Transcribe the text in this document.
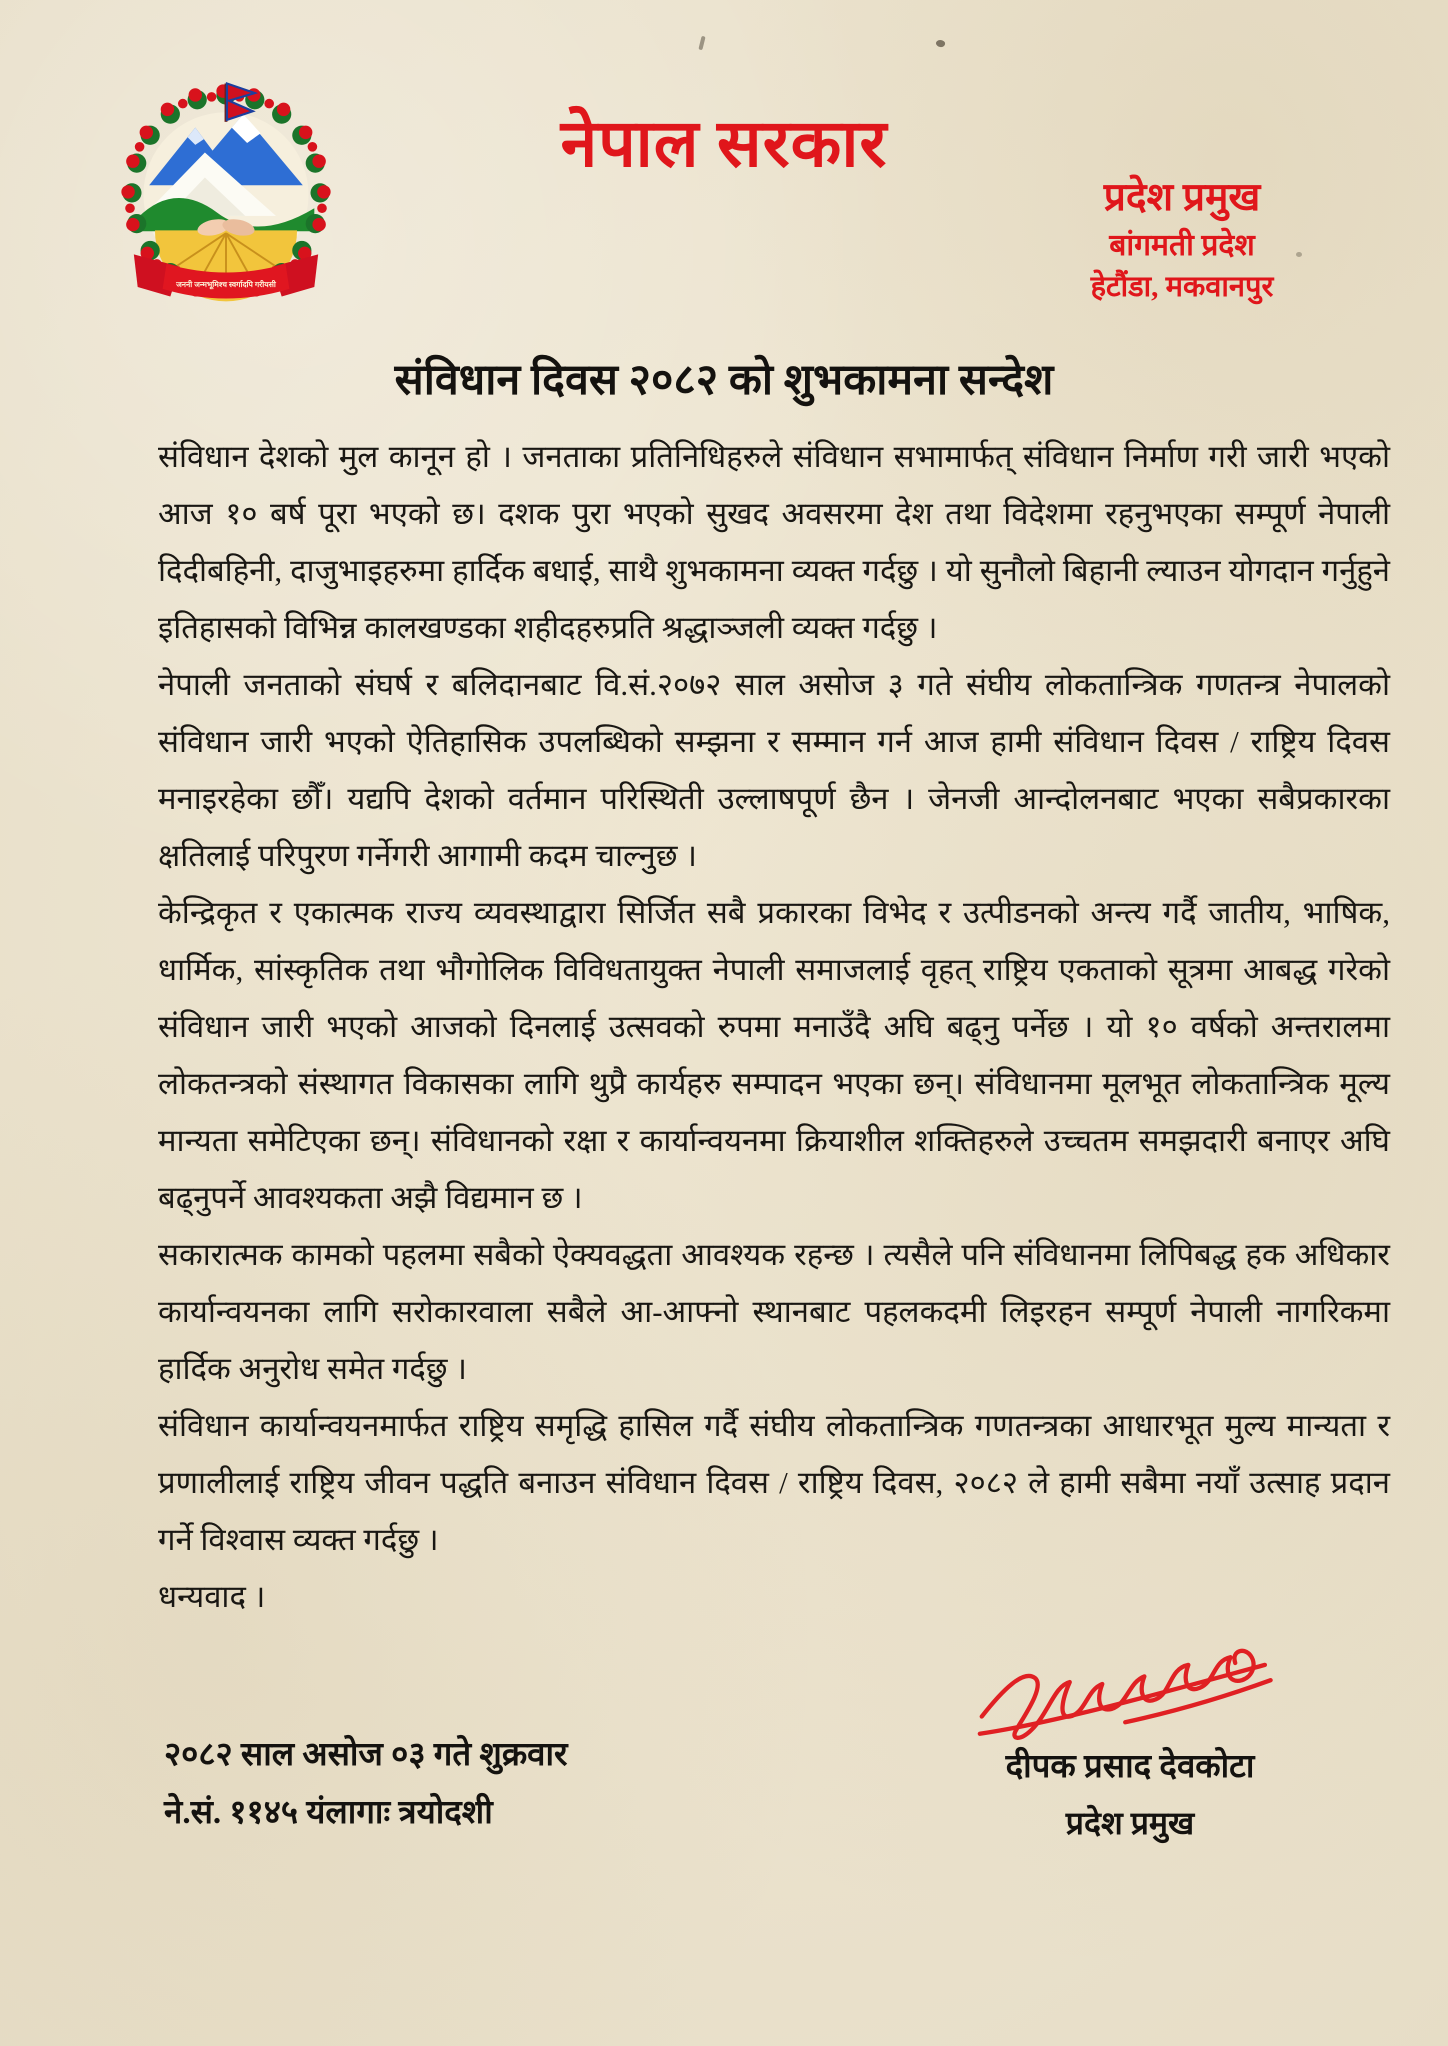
जननी जन्मभूमिश्च स्वर्गादपि गरीयसी
नेपाल सरकार
प्रदेश प्रमुख
बांगमती प्रदेश
हेटौंडा, मकवानपुर
संविधान दिवस २०८२ को शुभकामना सन्देश

संविधान देशको मुल कानून हो । जनताका प्रतिनिधिहरुले संविधान सभामार्फत् संविधान निर्माण गरी जारी भएको आज १० बर्ष पूरा भएको छ। दशक पुरा भएको सुखद अवसरमा देश तथा विदेशमा रहनुभएका सम्पूर्ण नेपाली दिदीबहिनी, दाजुभाइहरुमा हार्दिक बधाई, साथै शुभकामना व्यक्त गर्दछु । यो सुनौलो बिहानी ल्याउन योगदान गर्नुहुने इतिहासको विभिन्न कालखण्डका शहीदहरुप्रति श्रद्धाञ्जली व्यक्त गर्दछु ।

नेपाली जनताको संघर्ष र बलिदानबाट वि.सं.२०७२ साल असोज ३ गते संघीय लोकतान्त्रिक गणतन्त्र नेपालको संविधान जारी भएको ऐतिहासिक उपलब्धिको सम्झना र सम्मान गर्न आज हामी संविधान दिवस / राष्ट्रिय दिवस मनाइरहेका छौँ। यद्यपि देशको वर्तमान परिस्थिती उल्लाषपूर्ण छैन । जेनजी आन्दोलनबाट भएका सबैप्रकारका क्षतिलाई परिपुरण गर्नेगरी आगामी कदम चाल्नुछ ।

केन्द्रिकृत र एकात्मक राज्य व्यवस्थाद्वारा सिर्जित सबै प्रकारका विभेद र उत्पीडनको अन्त्य गर्दै जातीय, भाषिक, धार्मिक, सांस्कृतिक तथा भौगोलिक विविधतायुक्त नेपाली समाजलाई वृहत् राष्ट्रिय एकताको सूत्रमा आबद्ध गरेको संविधान जारी भएको आजको दिनलाई उत्सवको रुपमा मनाउँदै अघि बढ्नु पर्नेछ । यो १० वर्षको अन्तरालमा लोकतन्त्रको संस्थागत विकासका लागि थुप्रै कार्यहरु सम्पादन भएका छन्। संविधानमा मूलभूत लोकतान्त्रिक मूल्य मान्यता समेटिएका छन्। संविधानको रक्षा र कार्यान्वयनमा क्रियाशील शक्तिहरुले उच्चतम समझदारी बनाएर अघि बढ्नुपर्ने आवश्यकता अझै विद्यमान छ ।

सकारात्मक कामको पहलमा सबैको ऐक्यवद्धता आवश्यक रहन्छ । त्यसैले पनि संविधानमा लिपिबद्ध हक अधिकार कार्यान्वयनका लागि सरोकारवाला सबैले आ-आफ्नो स्थानबाट पहलकदमी लिइरहन सम्पूर्ण नेपाली नागरिकमा हार्दिक अनुरोध समेत गर्दछु ।

संविधान कार्यान्वयनमार्फत राष्ट्रिय समृद्धि हासिल गर्दै संघीय लोकतान्त्रिक गणतन्त्रका आधारभूत मुल्य मान्यता र प्रणालीलाई राष्ट्रिय जीवन पद्धति बनाउन संविधान दिवस / राष्ट्रिय दिवस, २०८२ ले हामी सबैमा नयाँ उत्साह प्रदान गर्ने विश्वास व्यक्त गर्दछु ।

धन्यवाद ।

२०८२ साल असोज ०३ गते शुक्रवार
ने.सं. ११४५ यंलागाः त्रयोदशी
दीपक प्रसाद देवकोटा
प्रदेश प्रमुख
